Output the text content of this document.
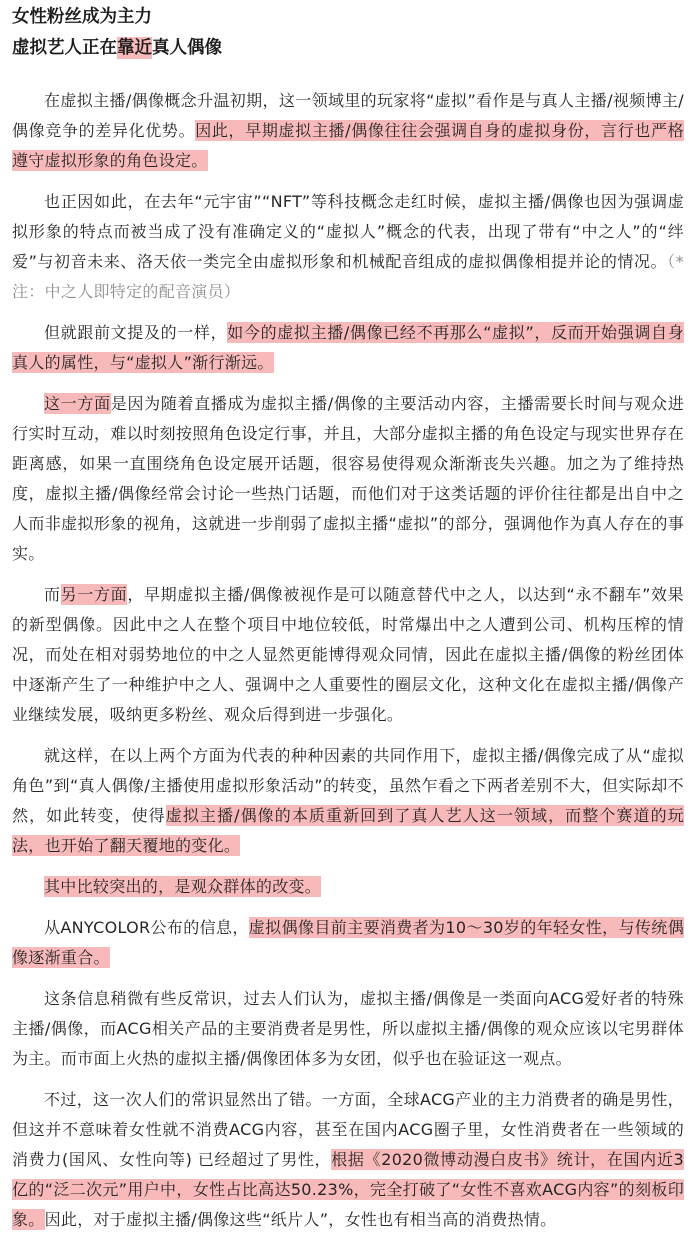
女性粉丝成为主力
虚拟艺人正在靠近真人偶像

在虚拟主播/偶像概念升温初期，这一领域里的玩家将“虚拟”看作是与真人主播/视频博主/偶像竞争的差异化优势。因此，早期虚拟主播/偶像往往会强调自身的虚拟身份，言行也严格遵守虚拟形象的角色设定。

也正因如此，在去年“元宇宙”“NFT”等科技概念走红时候，虚拟主播/偶像也因为强调虚拟形象的特点而被当成了没有准确定义的“虚拟人”概念的代表，出现了带有“中之人”的“绊爱”与初音未来、洛天依一类完全由虚拟形象和机械配音组成的虚拟偶像相提并论的情况。（*注：中之人即特定的配音演员）

但就跟前文提及的一样，如今的虚拟主播/偶像已经不再那么“虚拟”，反而开始强调自身真人的属性，与“虚拟人”渐行渐远。

这一方面是因为随着直播成为虚拟主播/偶像的主要活动内容，主播需要长时间与观众进行实时互动，难以时刻按照角色设定行事，并且，大部分虚拟主播的角色设定与现实世界存在距离感，如果一直围绕角色设定展开话题，很容易使得观众渐渐丧失兴趣。加之为了维持热度，虚拟主播/偶像经常会讨论一些热门话题，而他们对于这类话题的评价往往都是出自中之人而非虚拟形象的视角，这就进一步削弱了虚拟主播“虚拟”的部分，强调他作为真人存在的事实。

而另一方面，早期虚拟主播/偶像被视作是可以随意替代中之人，以达到“永不翻车”效果的新型偶像。因此中之人在整个项目中地位较低，时常爆出中之人遭到公司、机构压榨的情况，而处在相对弱势地位的中之人显然更能博得观众同情，因此在虚拟主播/偶像的粉丝团体中逐渐产生了一种维护中之人、强调中之人重要性的圈层文化，这种文化在虚拟主播/偶像产业继续发展，吸纳更多粉丝、观众后得到进一步强化。

就这样，在以上两个方面为代表的种种因素的共同作用下，虚拟主播/偶像完成了从“虚拟角色”到“真人偶像/主播使用虚拟形象活动”的转变，虽然乍看之下两者差别不大，但实际却不然，如此转变，使得虚拟主播/偶像的本质重新回到了真人艺人这一领域，而整个赛道的玩法，也开始了翻天覆地的变化。

其中比较突出的，是观众群体的改变。

从ANYCOLOR公布的信息，虚拟偶像目前主要消费者为10～30岁的年轻女性，与传统偶像逐渐重合。

这条信息稍微有些反常识，过去人们认为，虚拟主播/偶像是一类面向ACG爱好者的特殊主播/偶像，而ACG相关产品的主要消费者是男性，所以虚拟主播/偶像的观众应该以宅男群体为主。而市面上火热的虚拟主播/偶像团体多为女团，似乎也在验证这一观点。

不过，这一次人们的常识显然出了错。一方面，全球ACG产业的主力消费者的确是男性，但这并不意味着女性就不消费ACG内容，甚至在国内ACG圈子里，女性消费者在一些领域的消费力(国风、女性向等) 已经超过了男性，根据《2020微博动漫白皮书》统计，在国内近3亿的“泛二次元”用户中，女性占比高达50.23%，完全打破了“女性不喜欢ACG内容”的刻板印象。因此，对于虚拟主播/偶像这些“纸片人”，女性也有相当高的消费热情。
